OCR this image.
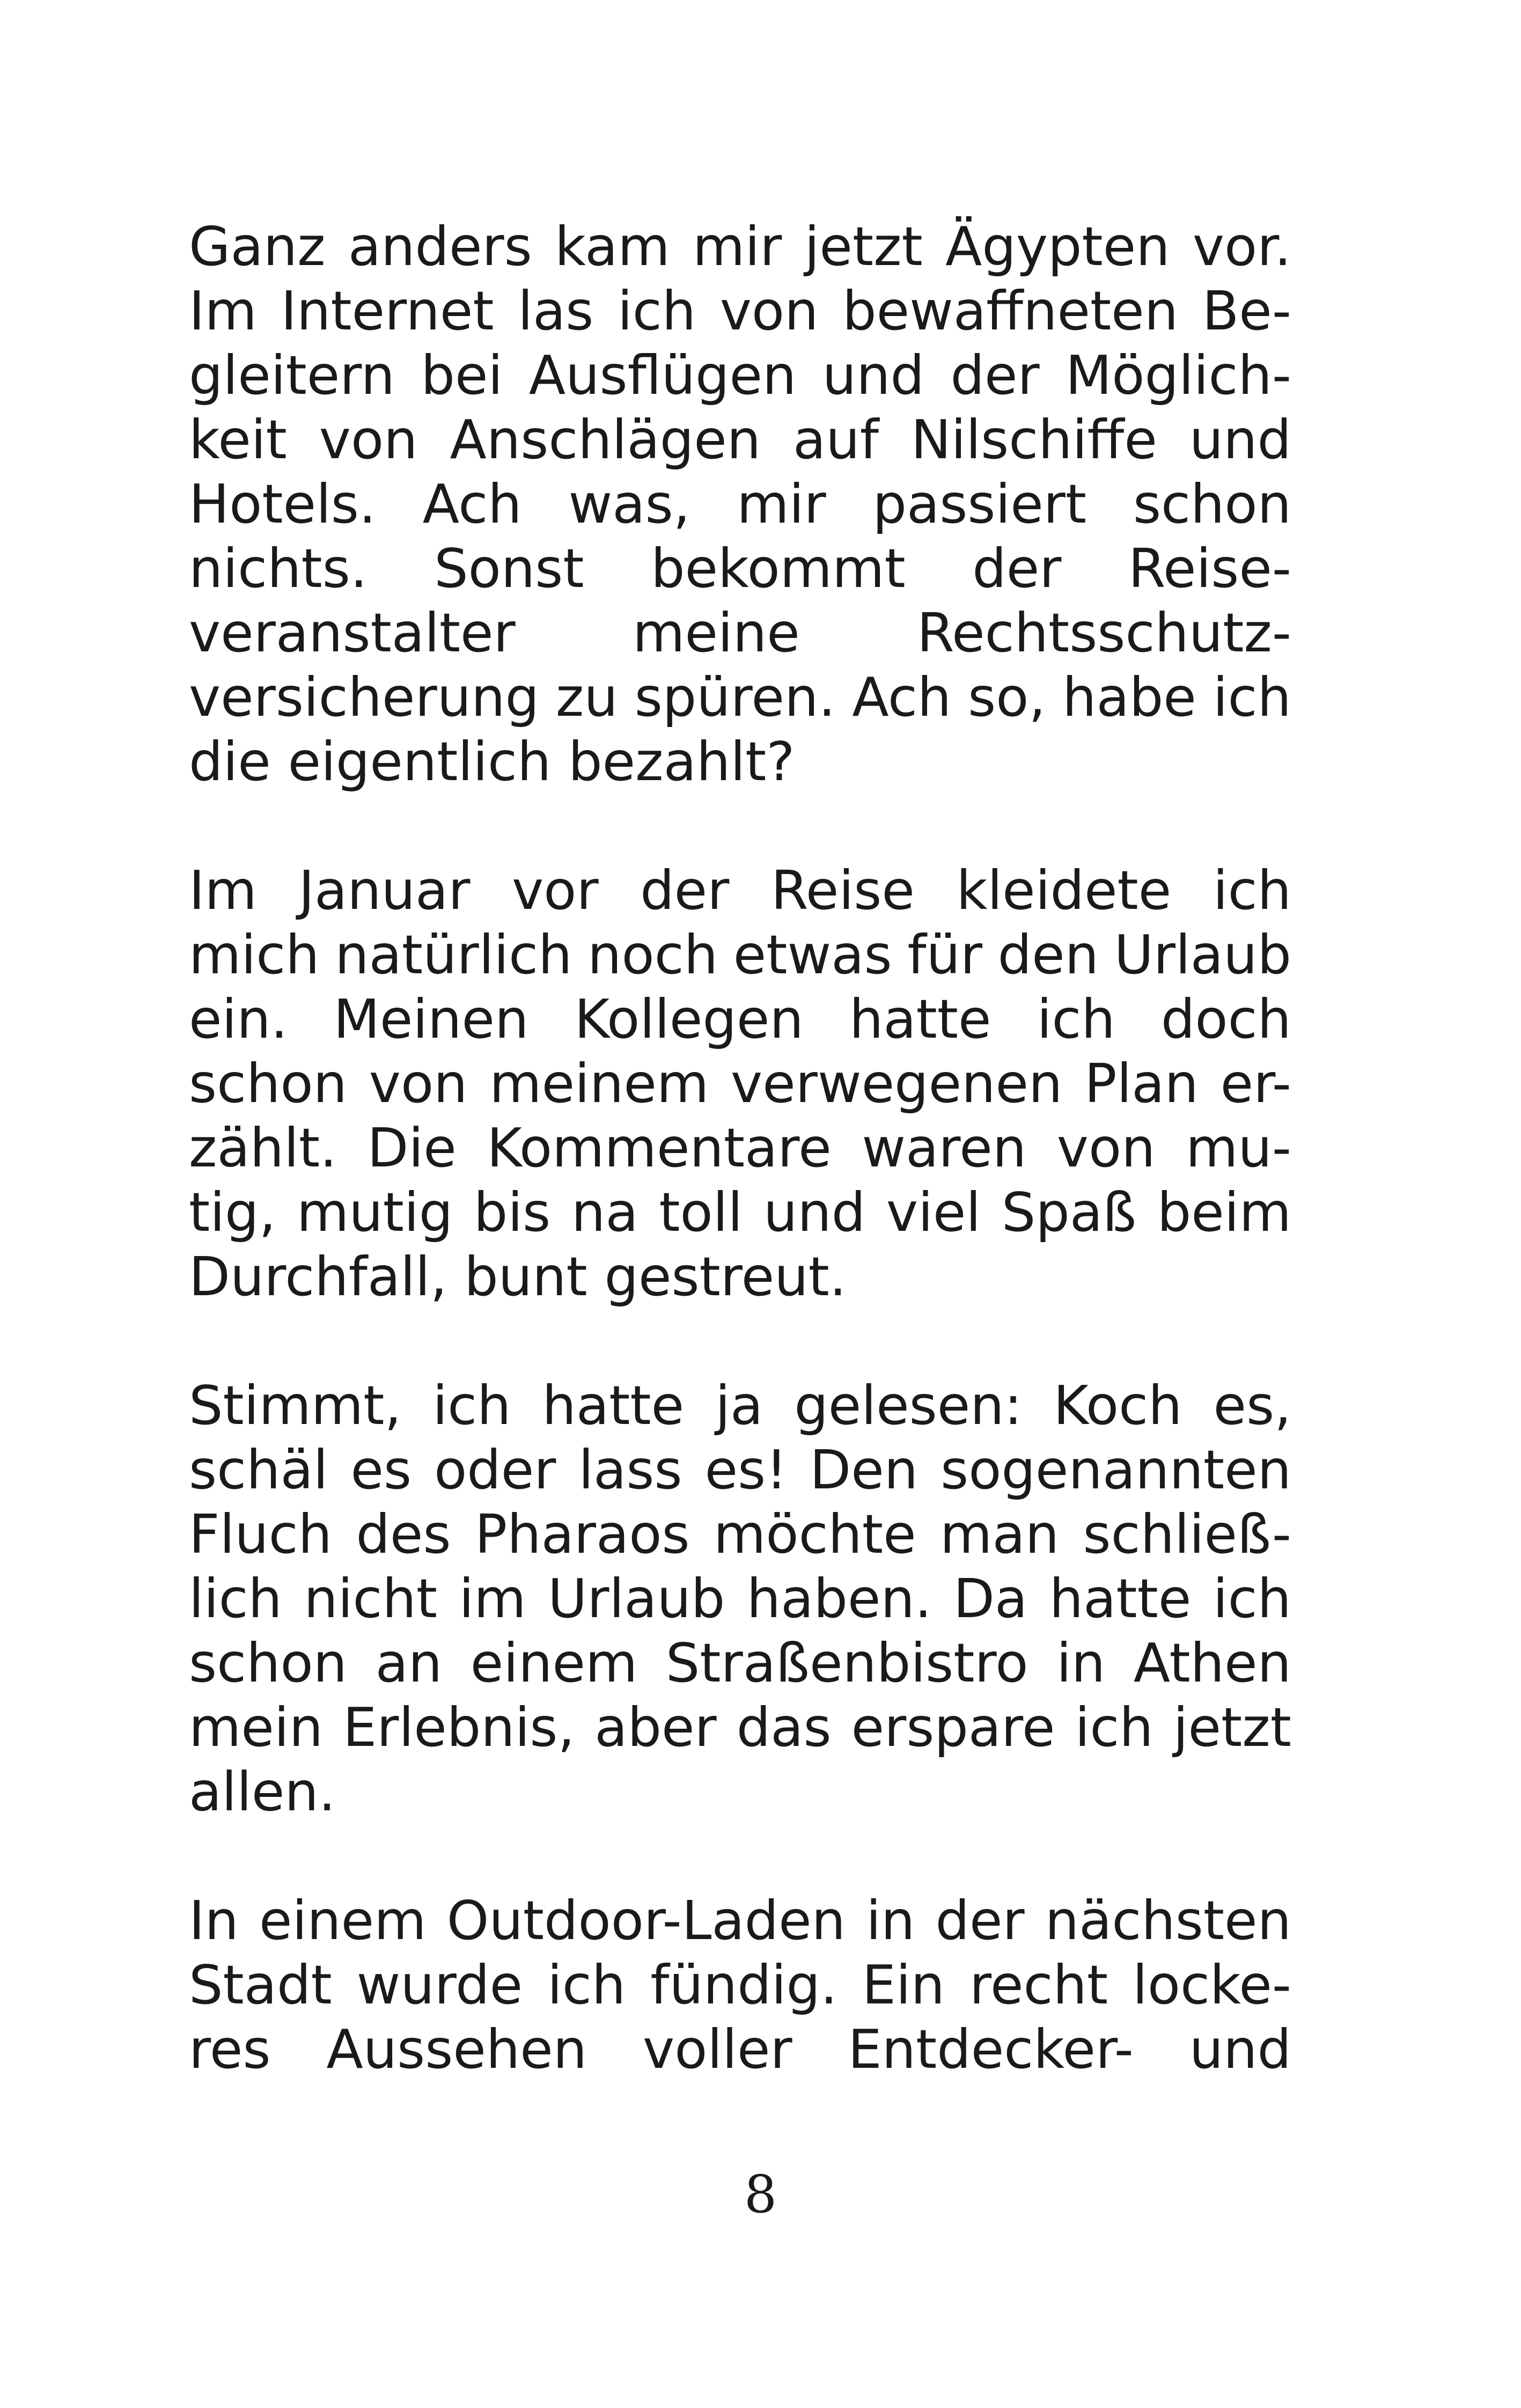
Ganz anders kam mir jetzt Ägypten vor.
Im Internet las ich von bewaffneten Be-
gleitern bei Ausflügen und der Möglich-
keit von Anschlägen auf Nilschiffe und
Hotels. Ach was, mir passiert schon
nichts. Sonst bekommt der Reise-
veranstalter meine Rechtsschutz-
versicherung zu spüren. Ach so, habe ich
die eigentlich bezahlt?

Im Januar vor der Reise kleidete ich
mich natürlich noch etwas für den Urlaub
ein. Meinen Kollegen hatte ich doch
schon von meinem verwegenen Plan er-
zählt. Die Kommentare waren von mu-
tig, mutig bis na toll und viel Spaß beim
Durchfall, bunt gestreut.

Stimmt, ich hatte ja gelesen: Koch es,
schäl es oder lass es! Den sogenannten
Fluch des Pharaos möchte man schließ-
lich nicht im Urlaub haben. Da hatte ich
schon an einem Straßenbistro in Athen
mein Erlebnis, aber das erspare ich jetzt
allen.

In einem Outdoor-Laden in der nächsten
Stadt wurde ich fündig. Ein recht locke-
res Aussehen voller Entdecker- und

8
